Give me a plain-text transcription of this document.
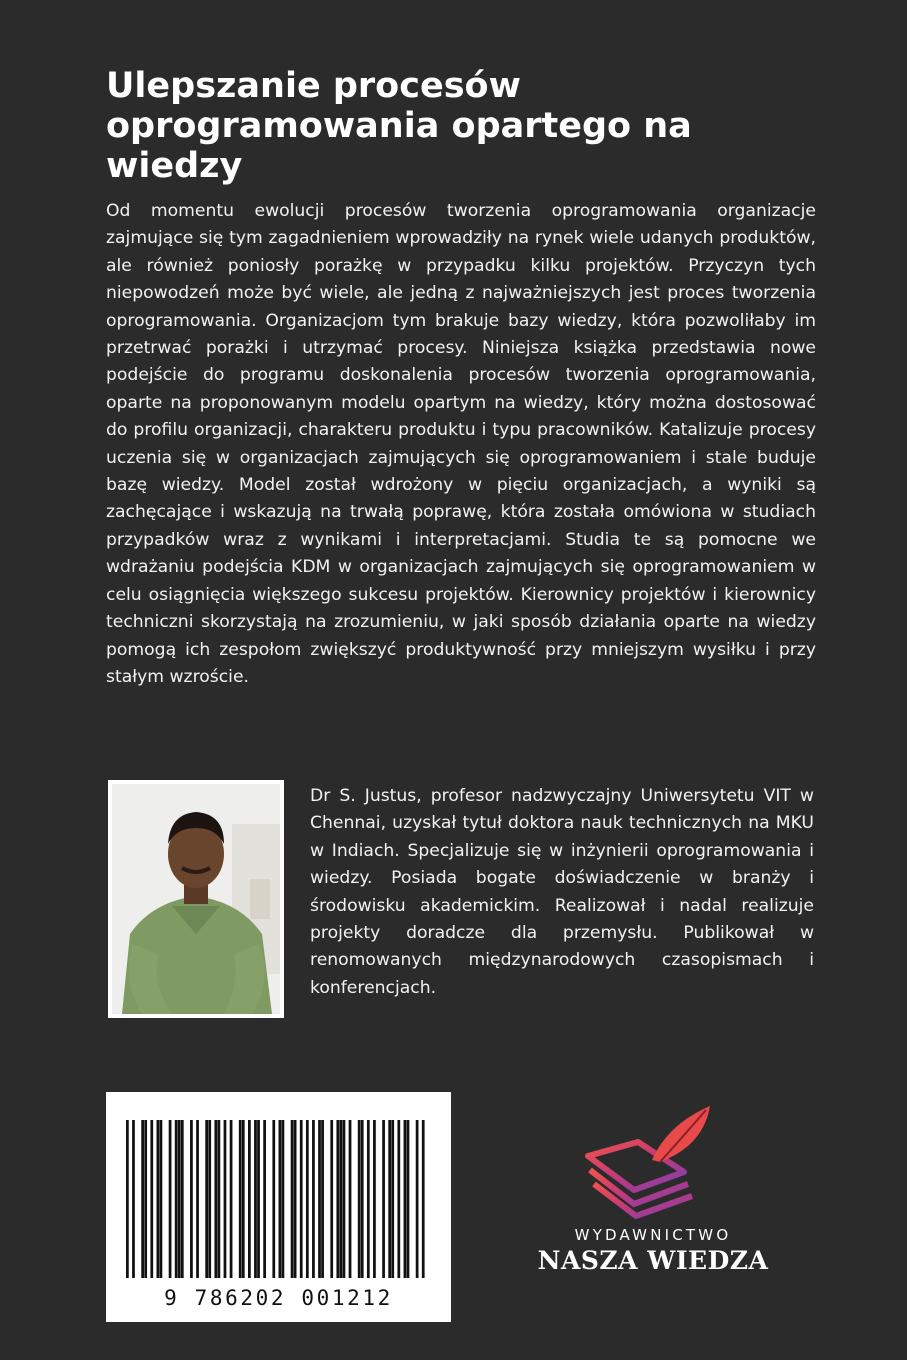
Ulepszanie procesów oprogramowania opartego na wiedzy

Od momentu ewolucji procesów tworzenia oprogramowania organizacje zajmujące się tym zagadnieniem wprowadziły na rynek wiele udanych produktów, ale również poniosły porażkę w przypadku kilku projektów. Przyczyn tych niepowodzeń może być wiele, ale jedną z najważniejszych jest proces tworzenia oprogramowania. Organizacjom tym brakuje bazy wiedzy, która pozwoliłaby im przetrwać porażki i utrzymać procesy. Niniejsza książka przedstawia nowe podejście do programu doskonalenia procesów tworzenia oprogramowania, oparte na proponowanym modelu opartym na wiedzy, który można dostosować do profilu organizacji, charakteru produktu i typu pracowników. Katalizuje procesy uczenia się w organizacjach zajmujących się oprogramowaniem i stale buduje bazę wiedzy. Model został wdrożony w pięciu organizacjach, a wyniki są zachęcające i wskazują na trwałą poprawę, która została omówiona w studiach przypadków wraz z wynikami i interpretacjami. Studia te są pomocne we wdrażaniu podejścia KDM w organizacjach zajmujących się oprogramowaniem w celu osiągnięcia większego sukcesu projektów. Kierownicy projektów i kierownicy techniczni skorzystają na zrozumieniu, w jaki sposób działania oparte na wiedzy pomogą ich zespołom zwiększyć produktywność przy mniejszym wysiłku i przy stałym wzroście.

Dr S. Justus, profesor nadzwyczajny Uniwersytetu VIT w Chennai, uzyskał tytuł doktora nauk technicznych na MKU w Indiach. Specjalizuje się w inżynierii oprogramowania i wiedzy. Posiada bogate doświadczenie w branży i środowisku akademickim. Realizował i nadal realizuje projekty doradcze dla przemysłu. Publikował w renomowanych międzynarodowych czasopismach i konferencjach.

9 786202 001212
WYDAWNICTWO
NASZA WIEDZA
